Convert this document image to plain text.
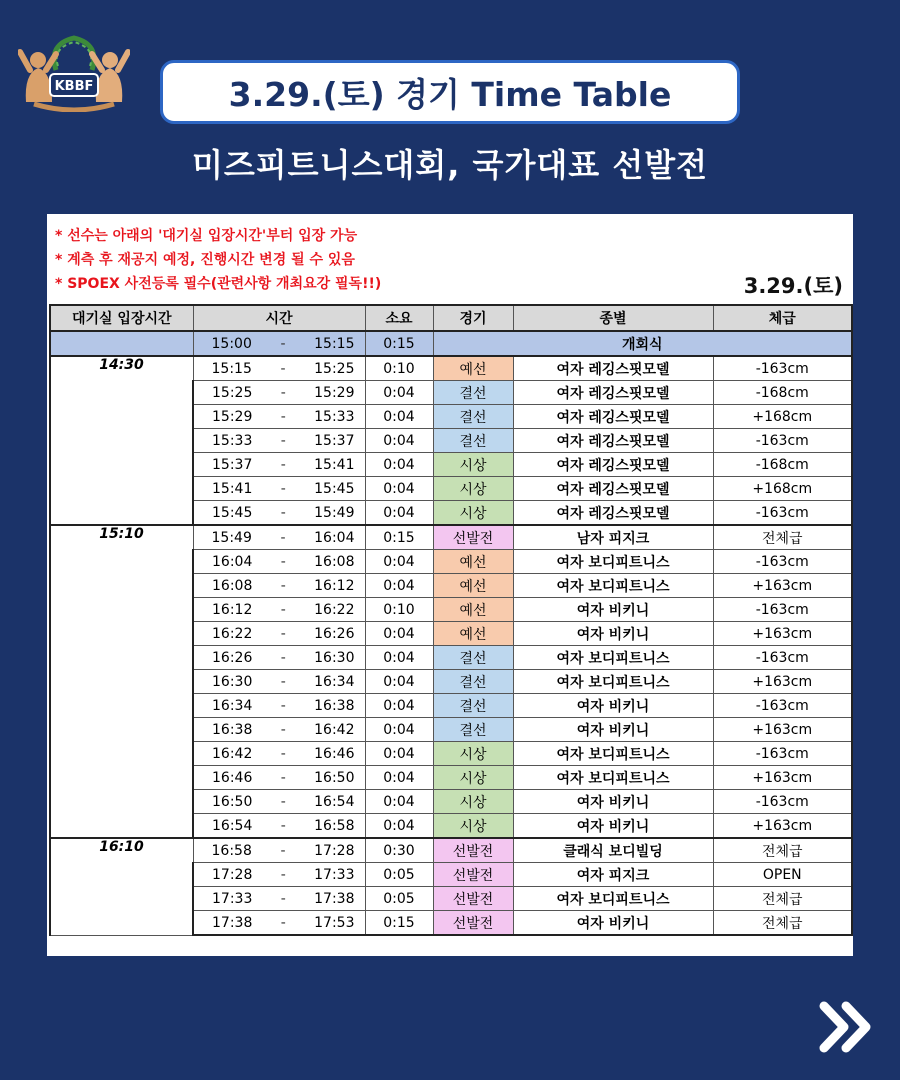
KBBF	3.29.(토) 경기 Time Table
미즈피트니스대회, 국가대표 선발전
* 선수는 아래의 '대기실 입장시간'부터 입장 가능
* 계측 후 재공지 예정, 진행시간 변경 될 수 있음
* SPOEX 사전등록 필수(관련사항 개최요강 필독!!)	3.29.(토)
대기실 입장시간	시간	소요	경기	종별	체급

	15:00 - 15:15	0:15	개회식		
14:30	15:15 - 15:25	0:10	예선	여자 레깅스핏모델	-163cm

	15:25 - 15:29	0:04	결선	여자 레깅스핏모델	-168cm

	15:29 - 15:33	0:04	결선	여자 레깅스핏모델	+168cm

	15:33 - 15:37	0:04	결선	여자 레깅스핏모델	-163cm

	15:37 - 15:41	0:04	시상	여자 레깅스핏모델	-168cm

	15:41 - 15:45	0:04	시상	여자 레깅스핏모델	+168cm

	15:45 - 15:49	0:04	시상	여자 레깅스핏모델	-163cm
15:10	15:49 - 16:04	0:15	선발전	남자 피지크	전체급

	16:04 - 16:08	0:04	예선	여자 보디피트니스	-163cm

	16:08 - 16:12	0:04	예선	여자 보디피트니스	+163cm

	16:12 - 16:22	0:10	예선	여자 비키니	-163cm

	16:22 - 16:26	0:04	예선	여자 비키니	+163cm

	16:26 - 16:30	0:04	결선	여자 보디피트니스	-163cm

	16:30 - 16:34	0:04	결선	여자 보디피트니스	+163cm

	16:34 - 16:38	0:04	결선	여자 비키니	-163cm

	16:38 - 16:42	0:04	결선	여자 비키니	+163cm

	16:42 - 16:46	0:04	시상	여자 보디피트니스	-163cm

	16:46 - 16:50	0:04	시상	여자 보디피트니스	+163cm

	16:50 - 16:54	0:04	시상	여자 비키니	-163cm

	16:54 - 16:58	0:04	시상	여자 비키니	+163cm
16:10	16:58 - 17:28	0:30	선발전	클래식 보디빌딩	전체급

	17:28 - 17:33	0:05	선발전	여자 피지크	OPEN

	17:33 - 17:38	0:05	선발전	여자 보디피트니스	전체급

	17:38 - 17:53	0:15	선발전	여자 비키니	전체급
